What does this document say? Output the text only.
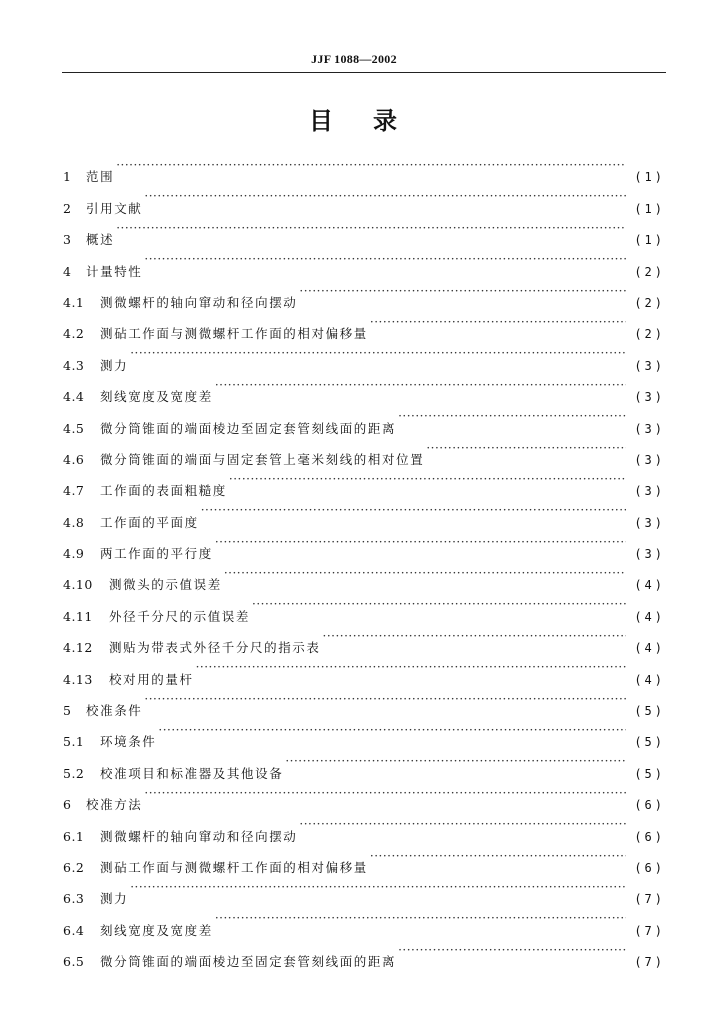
JJF 1088—2002
目 录
1	范围 ·····	(1)
2	引用文献 ·····	(1)
3	概述 ·····	(1)
4	计量特性 ·····	(2)
4.1	测微螺杆的轴向窜动和径向摆动 ·····	(2)
4.2	测砧工作面与测微螺杆工作面的相对偏移量 ·····	(2)
4.3	测力 ·····	(3)
4.4	刻线宽度及宽度差 ·····	(3)
4.5	微分筒锥面的端面棱边至固定套管刻线面的距离 ·····	(3)
4.6	微分筒锥面的端面与固定套管上毫米刻线的相对位置 ·····	(3)
4.7	工作面的表面粗糙度 ·····	(3)
4.8	工作面的平面度 ·····	(3)
4.9	两工作面的平行度 ·····	(3)
4.10	测微头的示值误差 ·····	(4)
4.11	外径千分尺的示值误差 ·····	(4)
4.12	测贴为带表式外径千分尺的指示表 ·····	(4)
4.13	校对用的量杆 ·····	(4)
5	校准条件 ·····	(5)
5.1	环境条件 ·····	(5)
5.2	校准项目和标准器及其他设备 ·····	(5)
6	校准方法 ·····	(6)
6.1	测微螺杆的轴向窜动和径向摆动 ·····	(6)
6.2	测砧工作面与测微螺杆工作面的相对偏移量 ·····	(6)
6.3	测力 ·····	(7)
6.4	刻线宽度及宽度差 ·····	(7)
6.5	微分筒锥面的端面棱边至固定套管刻线面的距离 ·····	(7)
